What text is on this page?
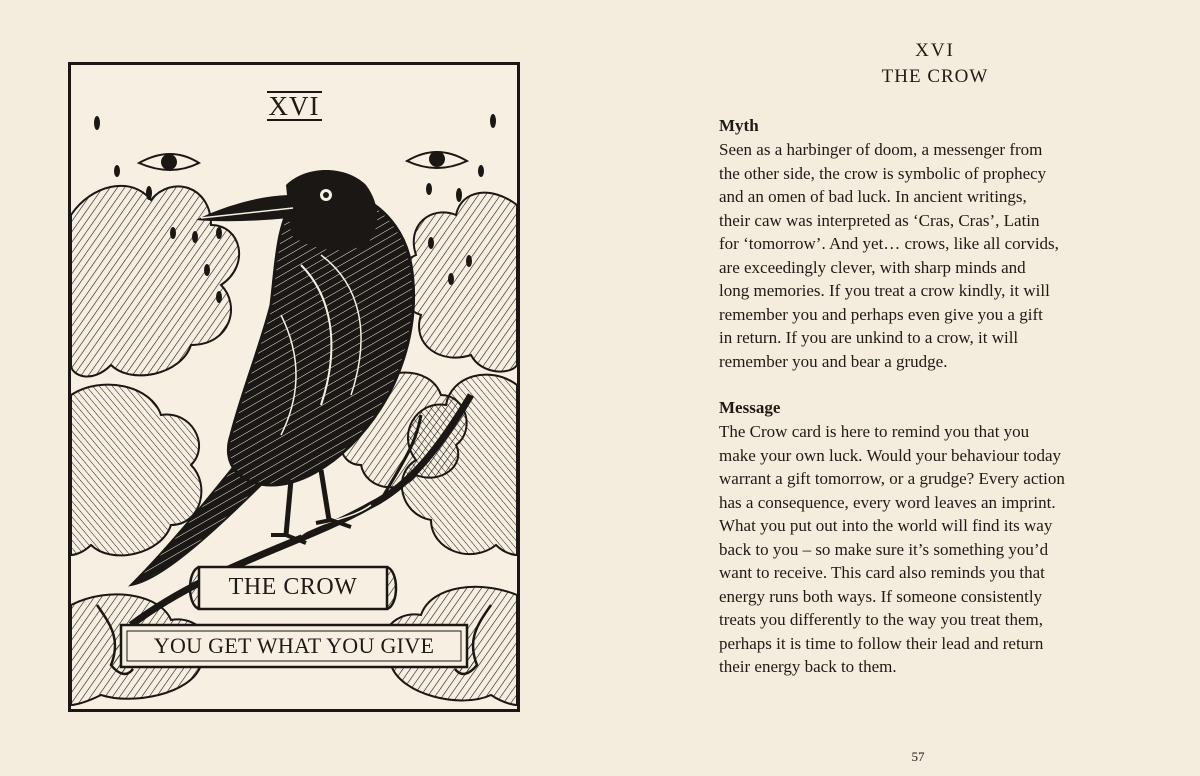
XVI
THE CROW
YOU GET WHAT YOU GIVE
XVI
THE CROW
Myth

Seen as a harbinger of doom, a messenger from
the other side, the crow is symbolic of prophecy
and an omen of bad luck. In ancient writings,
their caw was interpreted as ‘Cras, Cras’, Latin
for ‘tomorrow’. And yet… crows, like all corvids,
are exceedingly clever, with sharp minds and
long memories. If you treat a crow kindly, it will
remember you and perhaps even give you a gift
in return. If you are unkind to a crow, it will
remember you and bear a grudge.

Message

The Crow card is here to remind you that you
make your own luck. Would your behaviour today
warrant a gift tomorrow, or a grudge? Every action
has a consequence, every word leaves an imprint.
What you put out into the world will find its way
back to you – so make sure it’s something you’d
want to receive. This card also reminds you that
energy runs both ways. If someone consistently
treats you differently to the way you treat them,
perhaps it is time to follow their lead and return
their energy back to them.

57
